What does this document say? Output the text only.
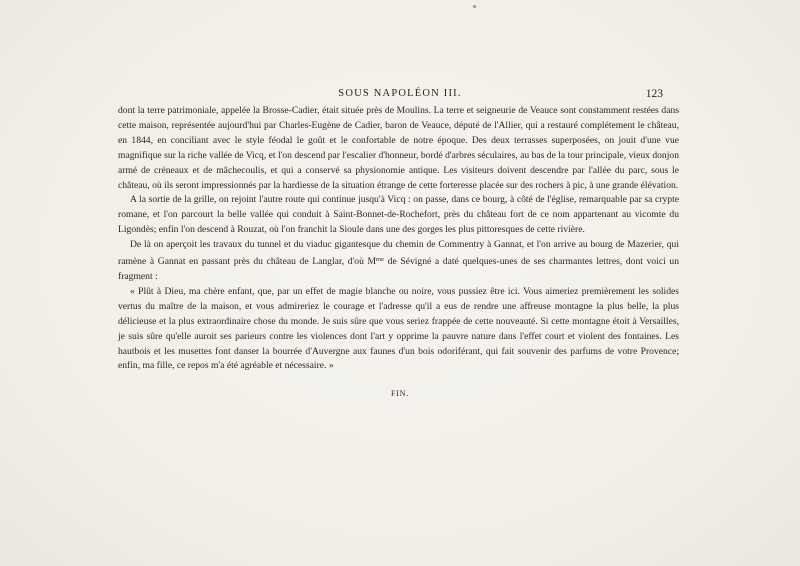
SOUS NAPOLÉON III.	123

dont la terre patrimoniale, appelée la Brosse-Cadier, était située près de Moulins. La terre et seigneurie de Veauce sont constamment restées dans cette maison, représentée aujourd'hui par Charles-Eugène de Cadier, baron de Veauce, député de l'Allier, qui a restauré complétement le château, en 1844, en conciliant avec le style féodal le goût et le confortable de notre époque. Des deux terrasses superposées, on jouit d'une vue magnifique sur la riche vallée de Vicq, et l'on descend par l'escalier d'honneur, bordé d'arbres séculaires, au bas de la tour principale, vieux donjon armé de créneaux et de mâchecoulis, et qui a conservé sa physionomie antique. Les visiteurs doivent descendre par l'allée du parc, sous le château, où ils seront impressionnés par la hardiesse de la situation étrange de cette forteresse placée sur des rochers à pic, à une grande élévation.

A la sortie de la grille, on rejoint l'autre route qui continue jusqu'à Vicq : on passe, dans ce bourg, à côté de l'église, remarquable par sa crypte romane, et l'on parcourt la belle vallée qui conduit à Saint-Bonnet-de-Rochefort, près du château fort de ce nom appartenant au vicomte du Ligondès; enfin l'on descend à Rouzat, où l'on franchit la Sioule dans une des gorges les plus pittoresques de cette rivière.

De là on aperçoit les travaux du tunnel et du viaduc gigantesque du chemin de Commentry à Gannat, et l'on arrive au bourg de Mazerier, qui ramène à Gannat en passant près du château de Langlar, d'où $M^{me}$ de Sévigné a daté quelques-unes de ses charmantes lettres, dont voici un fragment :

« Plût à Dieu, ma chère enfant, que, par un effet de magie blanche ou noire, vous pussiez être ici. Vous aimeriez premièrement les solides vertus du maître de la maison, et vous admireriez le courage et l'adresse qu'il a eus de rendre une affreuse montagne la plus belle, la plus délicieuse et la plus extraordinaire chose du monde. Je suis sûre que vous seriez frappée de cette nouveauté. Si cette montagne étoit à Versailles, je suis sûre qu'elle auroit ses parieurs contre les violences dont l'art y opprime la pauvre nature dans l'effet court et violent des fontaines. Les hautbois et les musettes font danser la bourrée d'Auvergne aux faunes d'un bois odoriférant, qui fait souvenir des parfums de votre Provence; enfin, ma fille, ce repos m'a été agréable et nécessaire. »

FIN.
